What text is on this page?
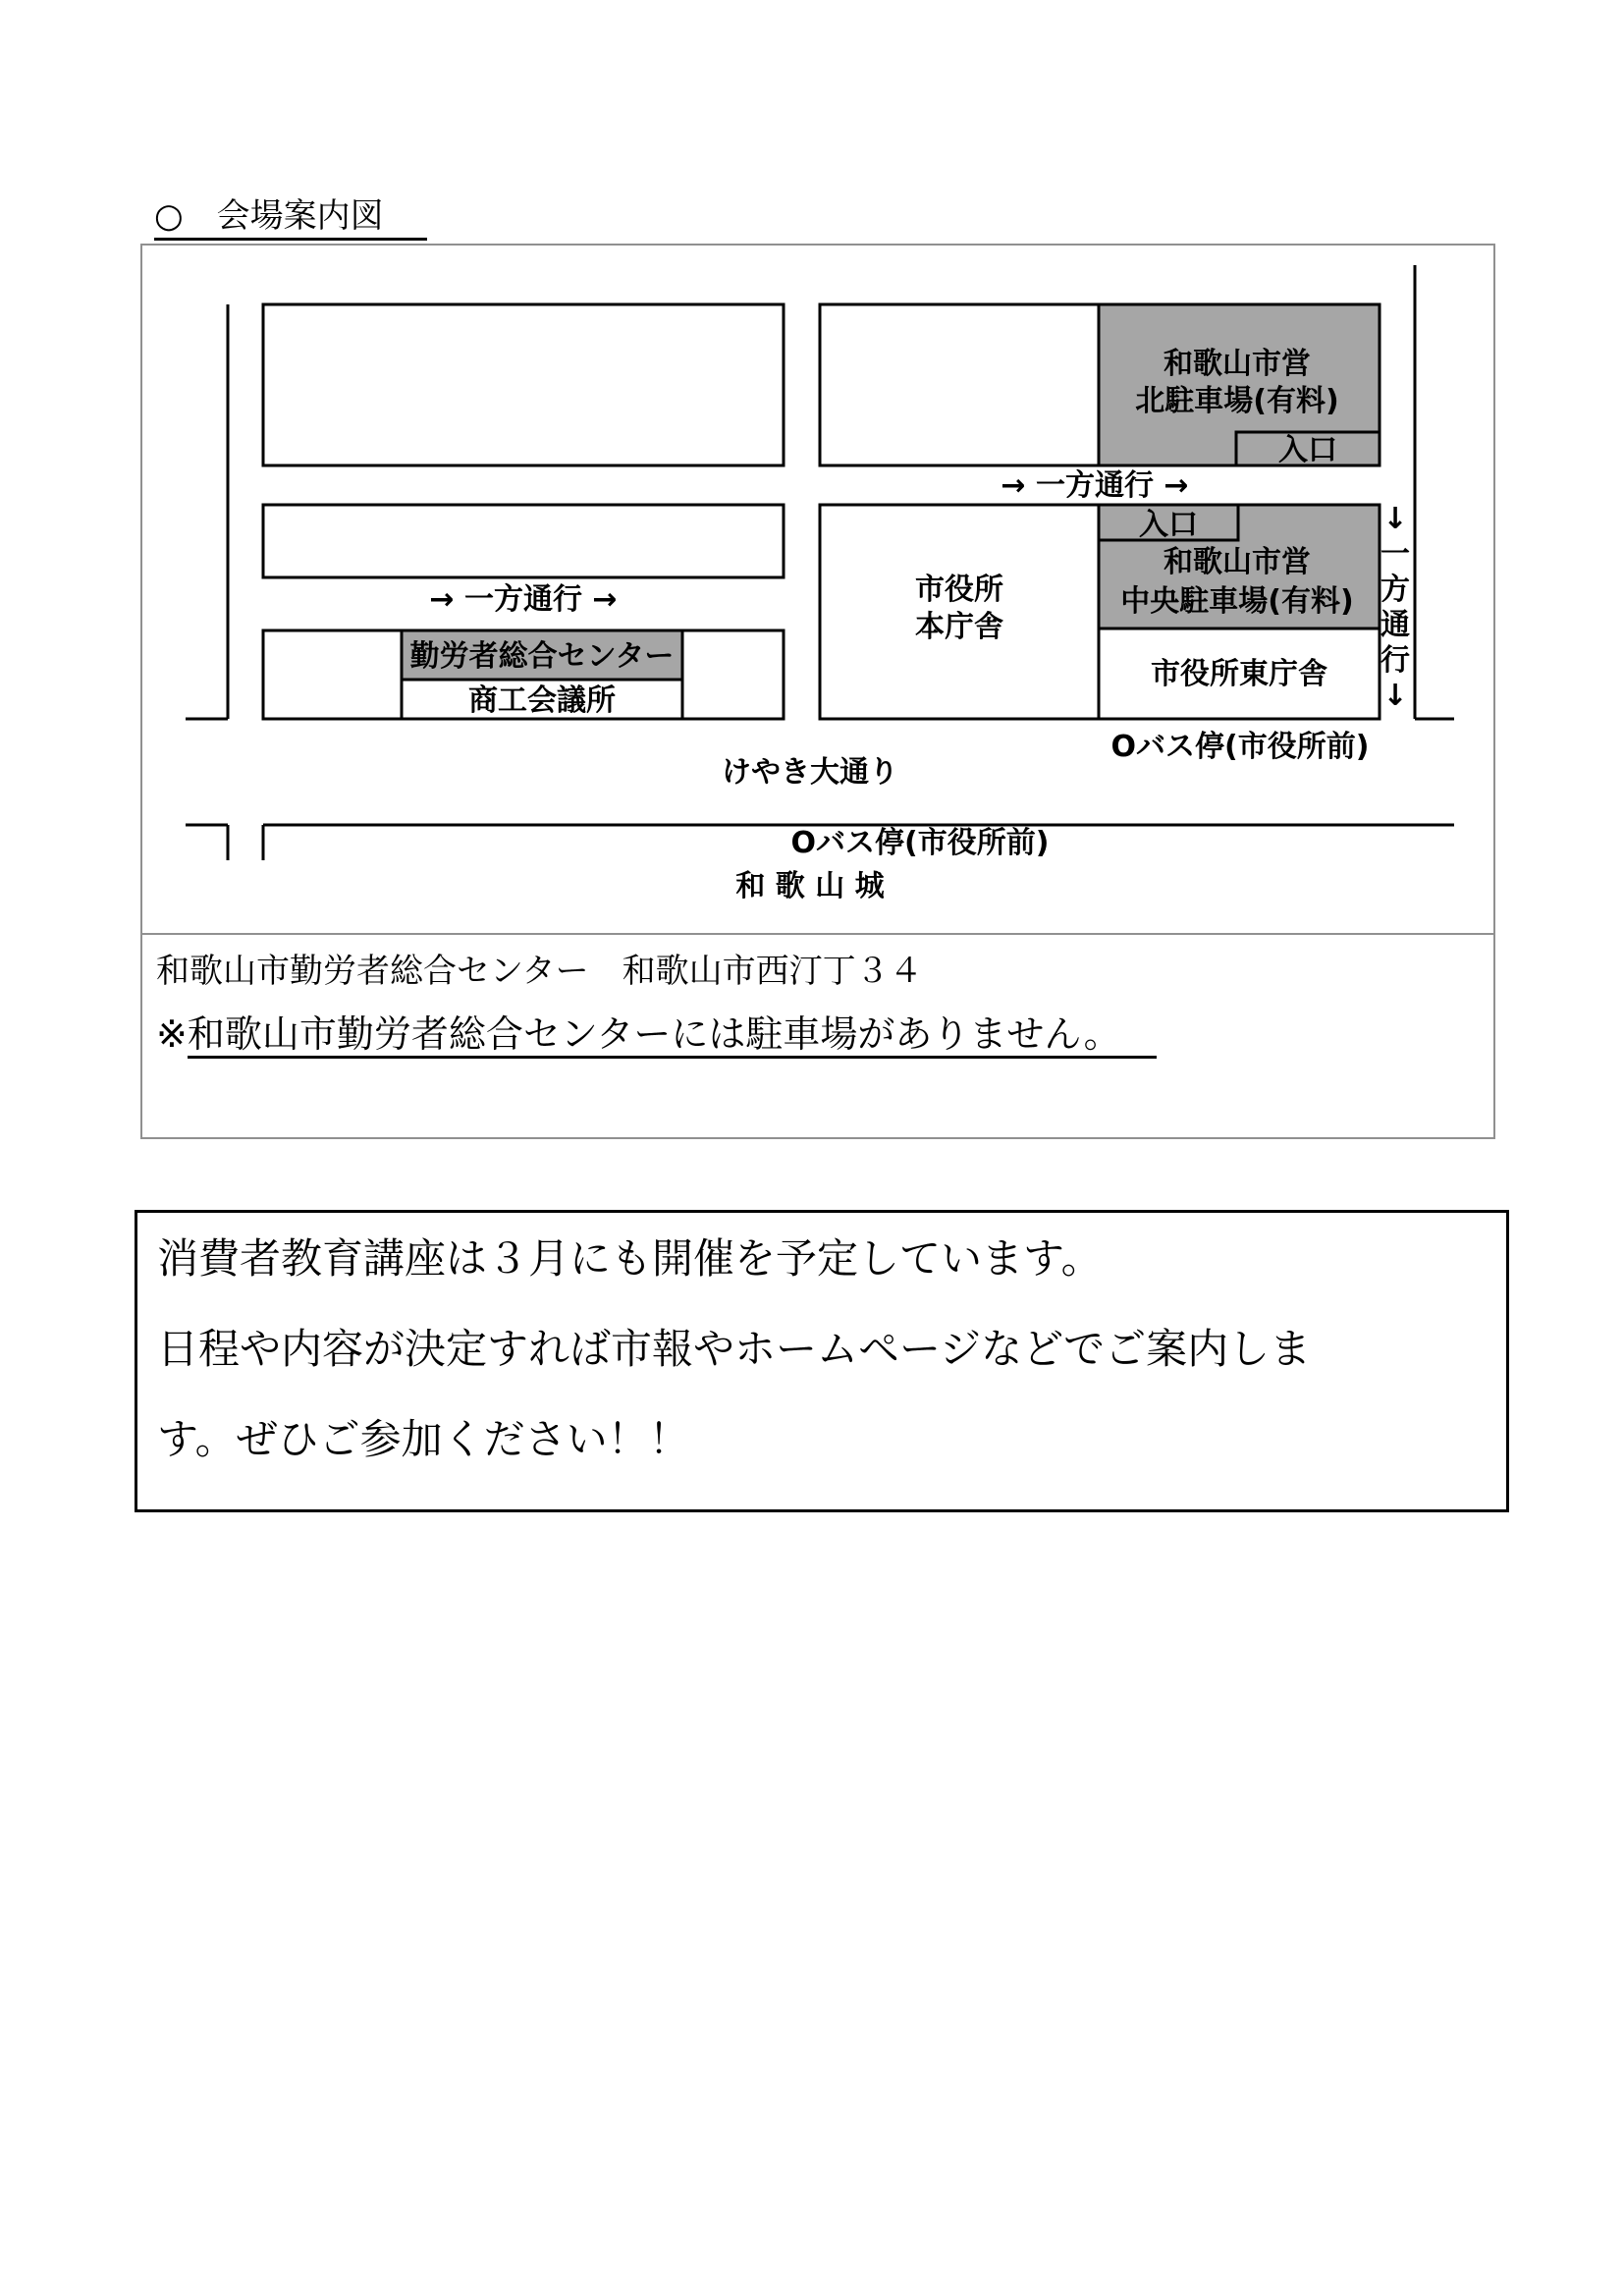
○　会場案内図
和歌山市営
北駐車場(有料)
入口
→ 一方通行 →
入口
和歌山市営
中央駐車場(有料)
市役所
本庁舎
市役所東庁舎
→ 一方通行 →
勤労者総合センター
商工会議所
Oバス停(市役所前)
けやき大通り
Oバス停(市役所前)
和 歌 山 城
↓
一
方
通
行
↓
和歌山市勤労者総合センター　和歌山市西汀丁３４
※和歌山市勤労者総合センターには駐車場がありません。
消費者教育講座は３月にも開催を予定しています。
日程や内容が決定すれば市報やホームページなどでご案内しま
す。ぜひご参加ください！！
